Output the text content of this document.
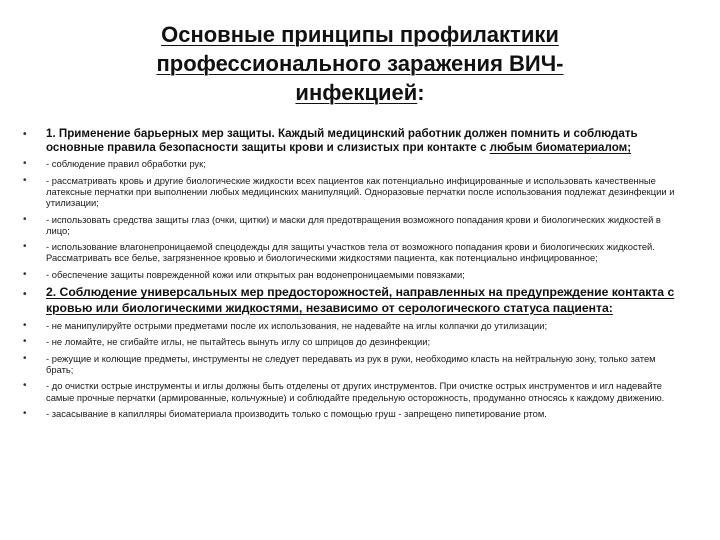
Основные принципы профилактики профессионального заражения ВИЧ-инфекцией:
• 1. Применение барьерных мер защиты. Каждый медицинский работник должен помнить и соблюдать основные правила безопасности защиты крови и слизистых при контакте с любым биоматериалом;
• - соблюдение правил обработки рук;
• - рассматривать кровь и другие биологические жидкости всех пациентов как потенциально инфицированные и использовать качественные латексные перчатки при выполнении любых медицинских манипуляций. Одноразовые перчатки после использования подлежат дезинфекции и утилизации;
• - использовать средства защиты глаз (очки, щитки) и маски для предотвращения возможного попадания крови и биологических жидкостей в лицо;
• - использование влагонепроницаемой спецодежды для защиты участков тела от возможного попадания крови и биологических жидкостей. Рассматривать все белье, загрязненное кровью и биологическими жидкостями пациента, как потенциально инфицированное;
• - обеспечение защиты поврежденной кожи или открытых ран водонепроницаемыми повязками;
• 2. Соблюдение универсальных мер предосторожностей, направленных на предупреждение контакта с кровью или биологическими жидкостями, независимо от серологического статуса пациента:
• - не манипулируйте острыми предметами после их использования, не надевайте на иглы колпачки до утилизации;
• - не ломайте, не сгибайте иглы, не пытайтесь вынуть иглу со шприцов до дезинфекции;
• - режущие и колющие предметы, инструменты не следует передавать из рук в руки, необходимо класть на нейтральную зону, только затем брать;
• - до очистки острые инструменты и иглы должны быть отделены от других инструментов. При очистке острых инструментов и игл надевайте самые прочные перчатки (армированные, кольчужные) и соблюдайте предельную осторожность, продуманно относясь к каждому движению.
• - засасывание в капилляры биоматериала производить только с помощью груш - запрещено пипетирование ртом.
